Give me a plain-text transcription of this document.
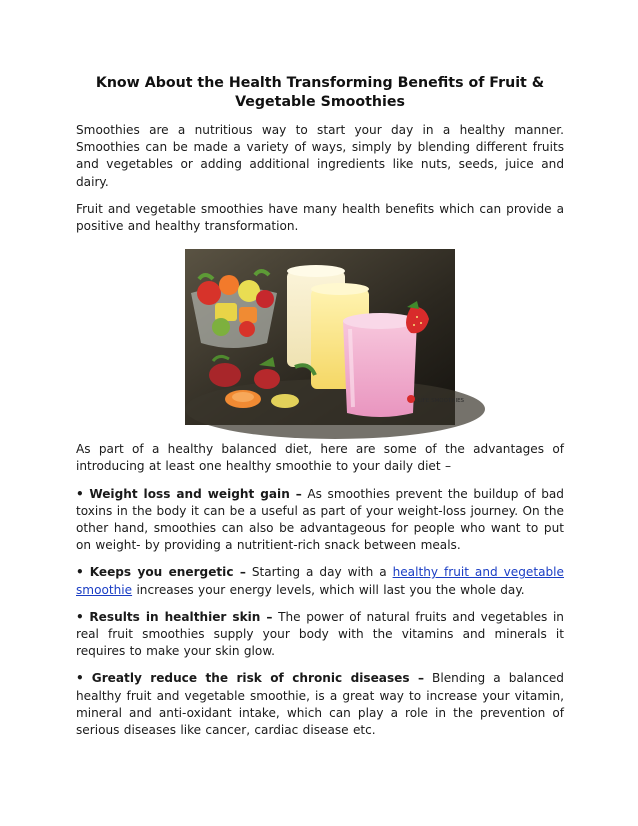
Know About the Health Transforming Benefits of Fruit & Vegetable Smoothies

Smoothies are a nutritious way to start your day in a healthy manner. Smoothies can be made a variety of ways, simply by blending different fruits and vegetables or adding additional ingredients like nuts, seeds, juice and dairy.

Fruit and vegetable smoothies have many health benefits which can provide a positive and healthy transformation.

LIFE SMOOTHIES

As part of a healthy balanced diet, here are some of the advantages of introducing at least one healthy smoothie to your daily diet –

• Weight loss and weight gain – As smoothies prevent the buildup of bad toxins in the body it can be a useful as part of your weight-loss journey. On the other hand, smoothies can also be advantageous for people who want to put on weight- by providing a nutritient-rich snack between meals.

• Keeps you energetic – Starting a day with a healthy fruit and vegetable smoothie increases your energy levels, which will last you the whole day.

• Results in healthier skin – The power of natural fruits and vegetables in real fruit smoothies supply your body with the vitamins and minerals it requires to make your skin glow.

• Greatly reduce the risk of chronic diseases – Blending a balanced healthy fruit and vegetable smoothie, is a great way to increase your vitamin, mineral and anti-oxidant intake, which can play a role in the prevention of serious diseases like cancer, cardiac disease etc.
